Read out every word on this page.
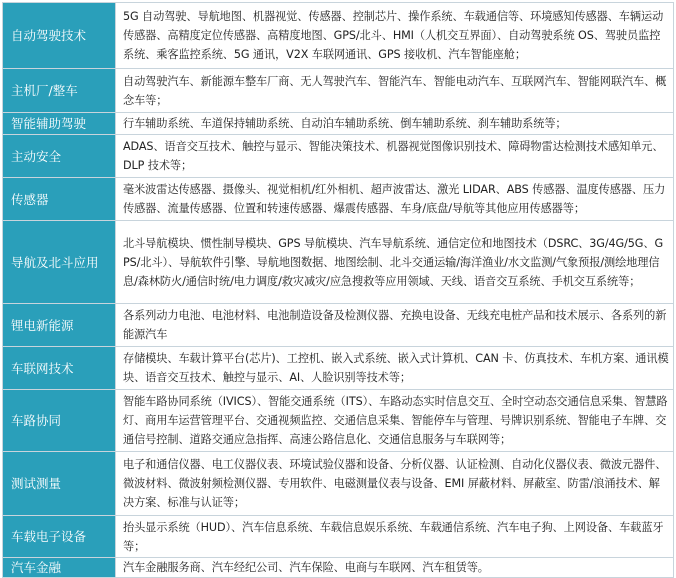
自动驾驶技术	5G 自动驾驶、导航地图、机器视觉、传感器、控制芯片、操作系统、车载通信等、环境感知传感器、车辆运动传感器、高精度定位传感器、高精度地图、GPS/北斗、HMI（人机交互界面）、自动驾驶系统 OS、驾驶员监控系统、乘客监控系统、5G 通讯，V2X 车联网通讯、GPS 接收机、汽车智能座舱；
主机厂/整车	自动驾驶汽车、新能源车整车厂商、无人驾驶汽车、智能汽车、智能电动汽车、互联网汽车、智能网联汽车、概念车等；
智能辅助驾驶	行车辅助系统、车道保持辅助系统、自动泊车辅助系统、倒车辅助系统、刹车辅助系统等；
主动安全	ADAS、语音交互技术、触控与显示、智能决策技术、机器视觉图像识别技术、障碍物雷达检测技术感知单元、DLP 技术等；
传感器	毫米波雷达传感器、摄像头、视觉相机/红外相机、超声波雷达、激光 LIDAR、ABS 传感器、温度传感器、压力传感器、流量传感器、位置和转速传感器、爆震传感器、车身/底盘/导航等其他应用传感器等；
导航及北斗应用	北斗导航模块、惯性制导模块、GPS 导航模块、汽车导航系统、通信定位和地图技术（DSRC、3G/4G/5G、GPS/北斗）、导航软件引擎、导航地图数据、地图绘制、北斗交通运输/海洋渔业/水文监测/气象预报/测绘地理信息/森林防火/通信时统/电力调度/救灾减灾/应急搜救等应用领域、天线、语音交互系统、手机交互系统等；
锂电新能源	各系列动力电池、电池材料、电池制造设备及检测仪器、充换电设备、无线充电桩产品和技术展示、各系列的新能源汽车
车联网技术	存储模块、车载计算平台(芯片)、工控机、嵌入式系统、嵌入式计算机、CAN 卡、仿真技术、车机方案、通讯模块、语音交互技术、触控与显示、AI、人脸识别等技术等；
车路协同	智能车路协同系统（IVICS）、智能交通系统（ITS）、车路动态实时信息交互、全时空动态交通信息采集、智慧路灯、商用车运营管理平台、交通视频监控、交通信息采集、智能停车与管理、号牌识别系统、智能电子车牌、交通信号控制、道路交通应急指挥、高速公路信息化、交通信息服务与车联网等；
测试测量	电子和通信仪器、电工仪器仪表、环境试验仪器和设备、分析仪器、认证检测、自动化仪器仪表、微波元器件、微波材料、微波射频检测仪器、专用软件、电磁测量仪表与设备、EMI 屏蔽材料、屏蔽室、防雷/浪涌技术、解决方案、标准与认证等；
车载电子设备	抬头显示系统（HUD）、汽车信息系统、车载信息娱乐系统、车载通信系统、汽车电子狗、上网设备、车载蓝牙等；
汽车金融	汽车金融服务商、汽车经纪公司、汽车保险、电商与车联网、汽车租赁等。
